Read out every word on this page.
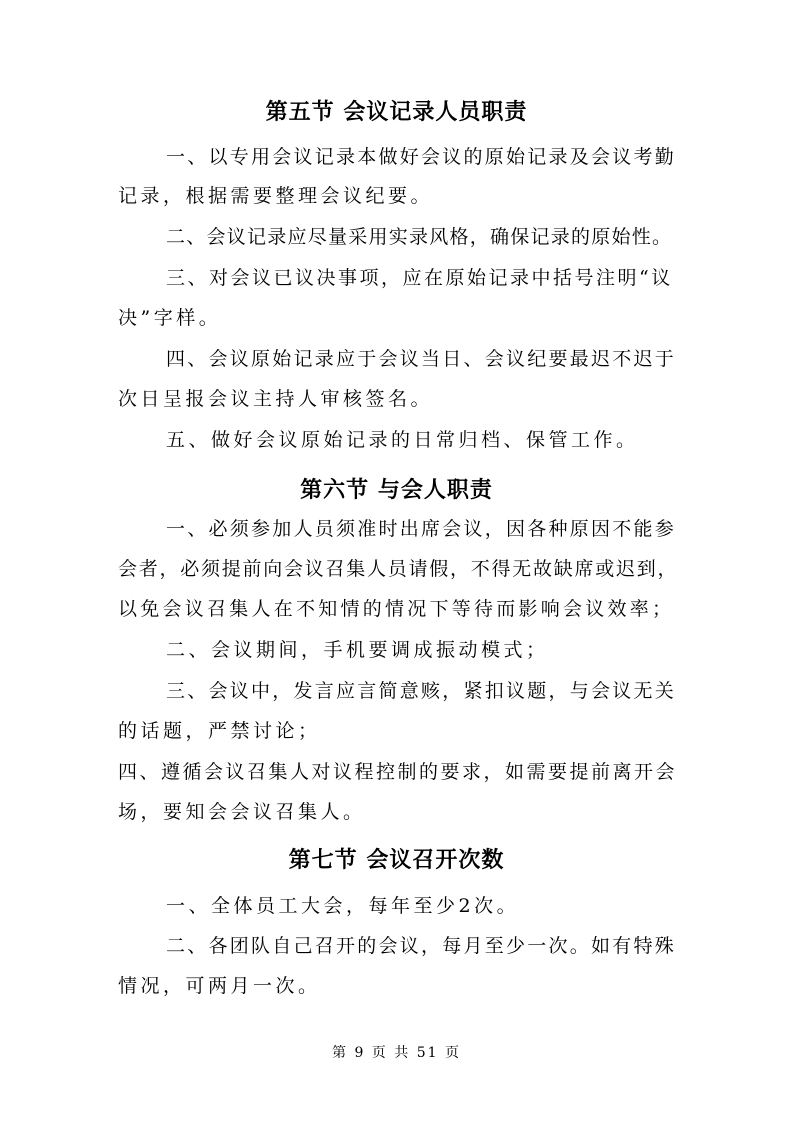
第五节 会议记录人员职责
一、以专用会议记录本做好会议的原始记录及会议考勤
记录，根据需要整理会议纪要。
二、会议记录应尽量采用实录风格，确保记录的原始性。
三、对会议已议决事项，应在原始记录中括号注明“议
决”字样。
四、会议原始记录应于会议当日、会议纪要最迟不迟于
次日呈报会议主持人审核签名。
五、做好会议原始记录的日常归档、保管工作。
第六节 与会人职责
一、必须参加人员须准时出席会议，因各种原因不能参
会者，必须提前向会议召集人员请假，不得无故缺席或迟到，
以免会议召集人在不知情的情况下等待而影响会议效率；
二、会议期间，手机要调成振动模式；
三、会议中，发言应言简意赅，紧扣议题，与会议无关
的话题，严禁讨论；
四、遵循会议召集人对议程控制的要求，如需要提前离开会
场，要知会会议召集人。
第七节 会议召开次数
一、全体员工大会，每年至少2次。
二、各团队自己召开的会议，每月至少一次。如有特殊
情况，可两月一次。
第 9 页 共 51 页
